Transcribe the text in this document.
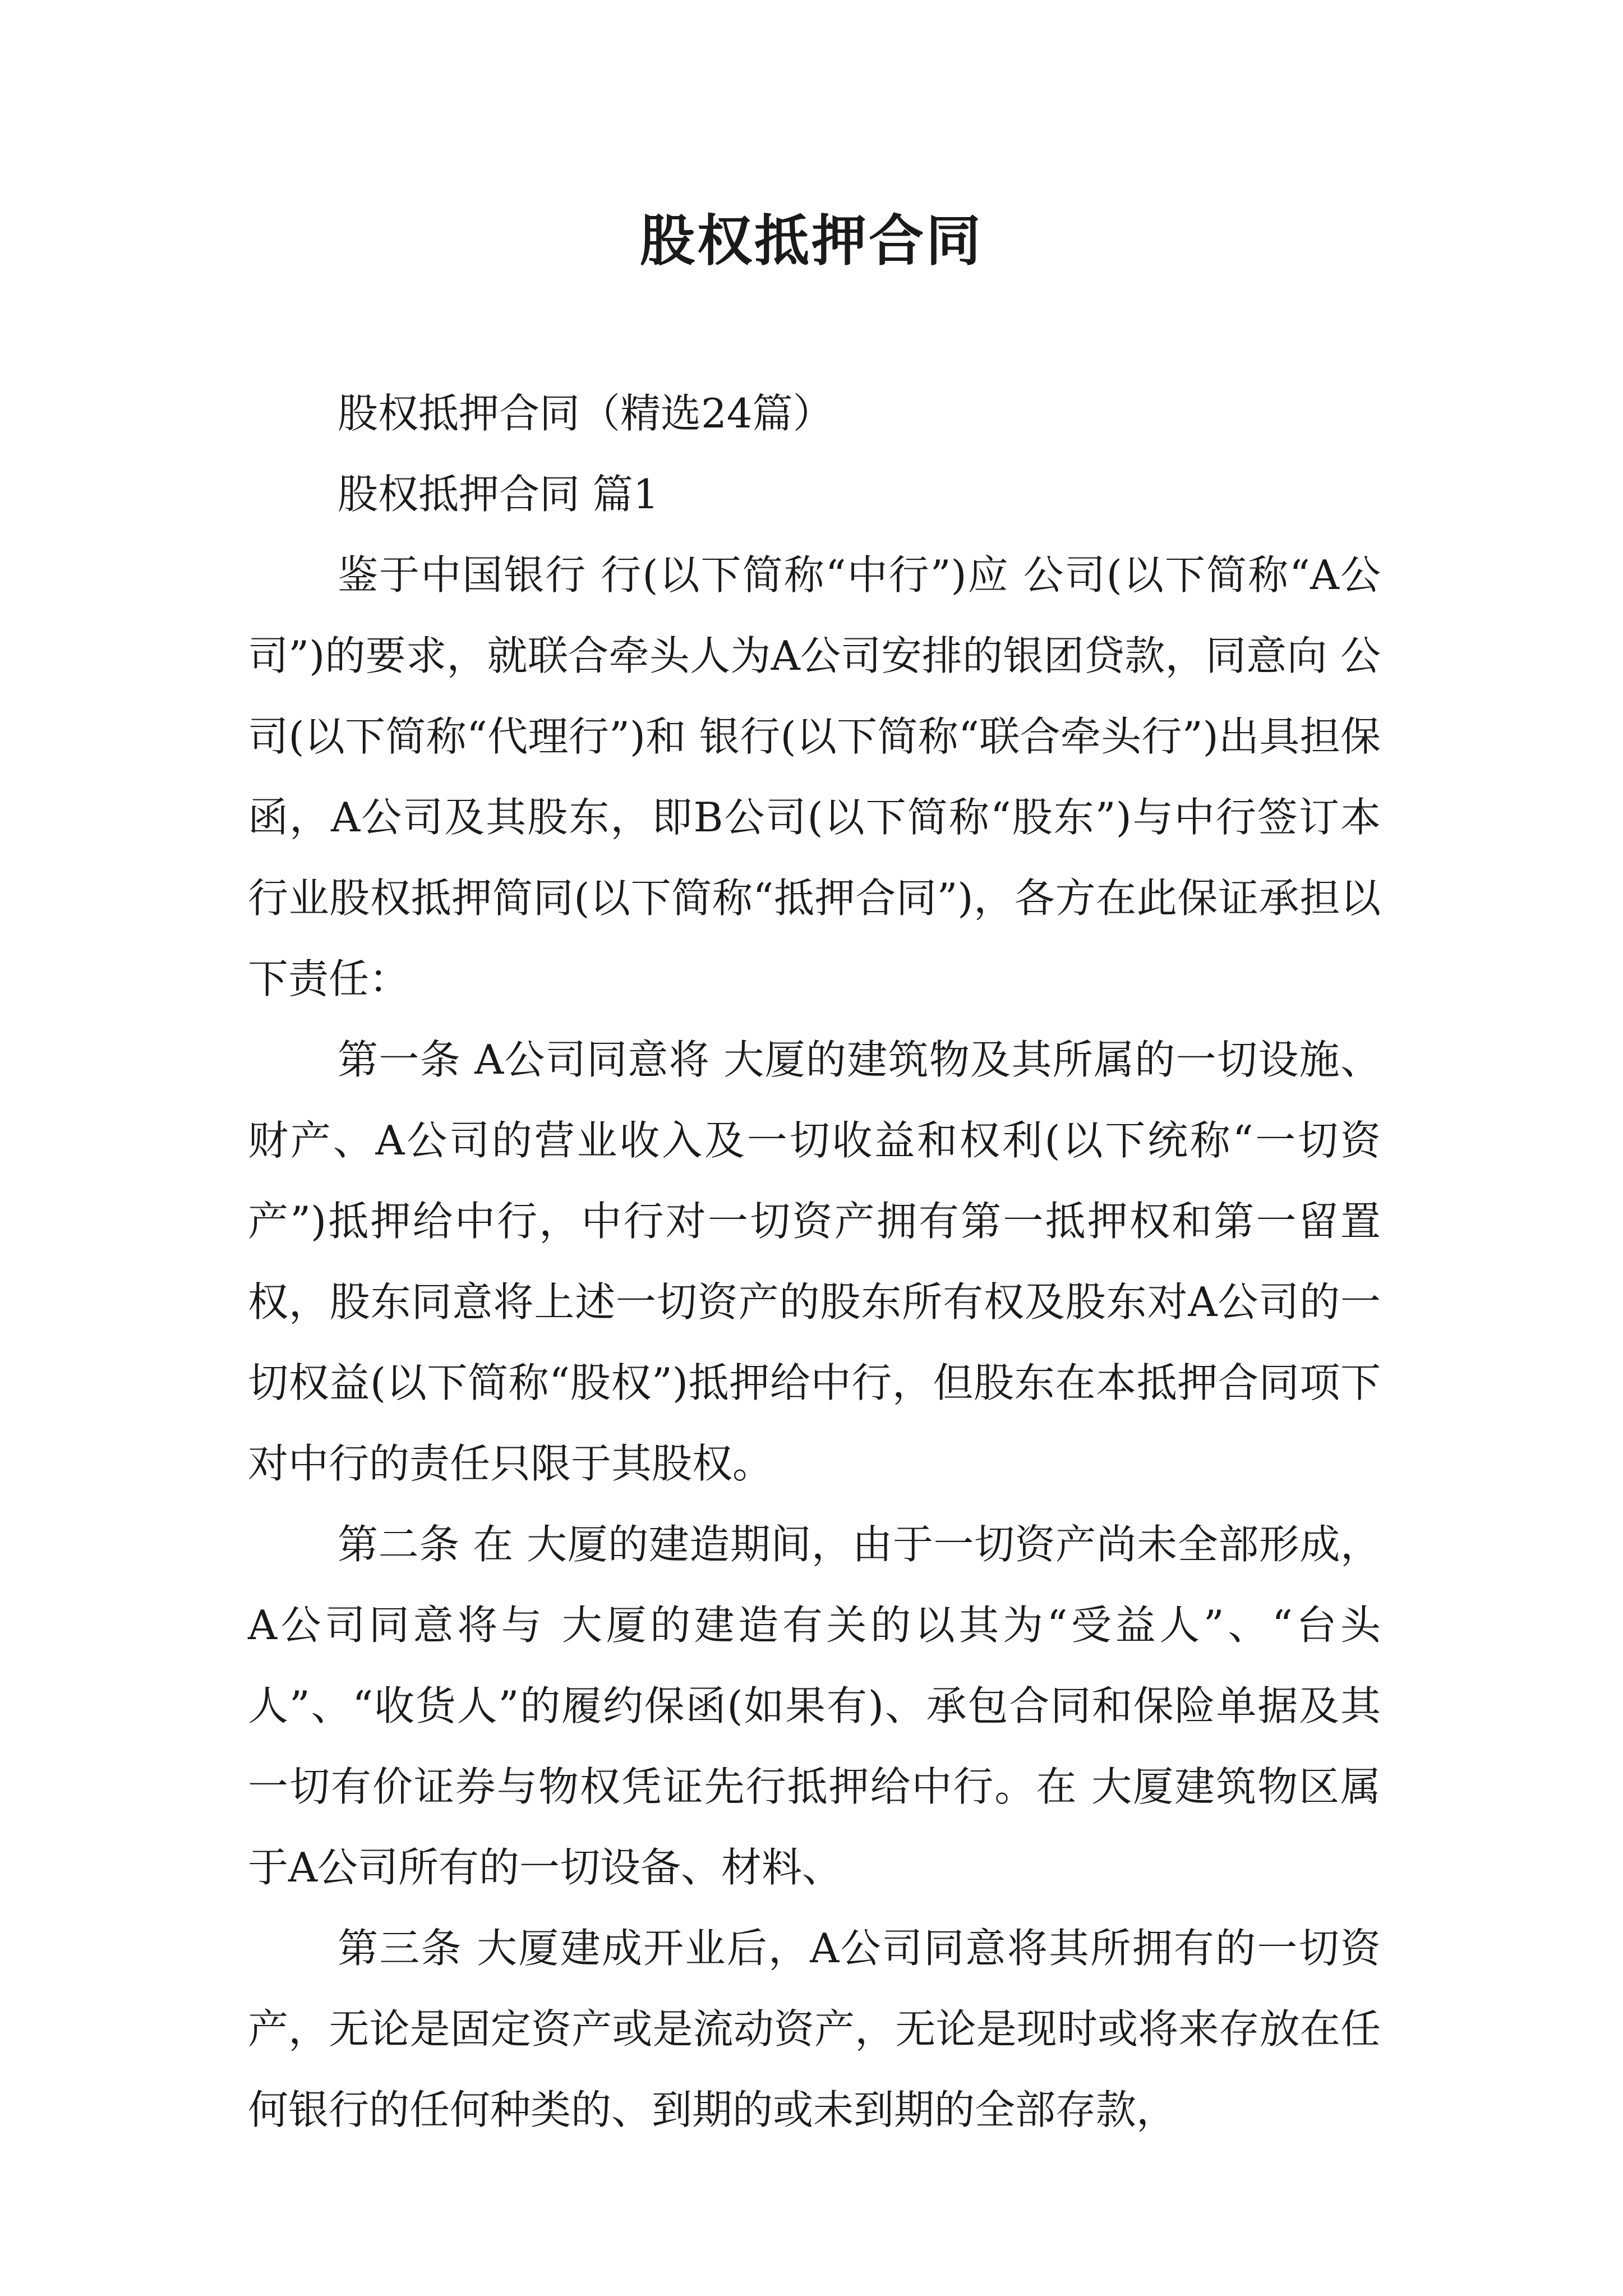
股权抵押合同

股权抵押合同（精选24篇）

股权抵押合同 篇1

鉴于中国银行 行(以下简称“中行”)应 公司(以下简称“A公司”)的要求，就联合牵头人为A公司安排的银团贷款，同意向 公司(以下简称“代理行”)和 银行(以下简称“联合牵头行”)出具担保函，A公司及其股东，即B公司(以下简称“股东”)与中行签订本行业股权抵押简同(以下简称“抵押合同”)，各方在此保证承担以下责任：

第一条 A公司同意将 大厦的建筑物及其所属的一切设施、财产、A公司的营业收入及一切收益和权利(以下统称“一切资产”)抵押给中行，中行对一切资产拥有第一抵押权和第一留置权，股东同意将上述一切资产的股东所有权及股东对A公司的一切权益(以下简称“股权”)抵押给中行，但股东在本抵押合同项下对中行的责任只限于其股权。

第二条 在 大厦的建造期间，由于一切资产尚未全部形成，A公司同意将与 大厦的建造有关的以其为“受益人”、“台头人”、“收货人”的履约保函(如果有)、承包合同和保险单据及其一切有价证券与物权凭证先行抵押给中行。在 大厦建筑物区属于A公司所有的一切设备、材料、

第三条 大厦建成开业后，A公司同意将其所拥有的一切资产，无论是固定资产或是流动资产，无论是现时或将来存放在任何银行的任何种类的、到期的或未到期的全部存款，
